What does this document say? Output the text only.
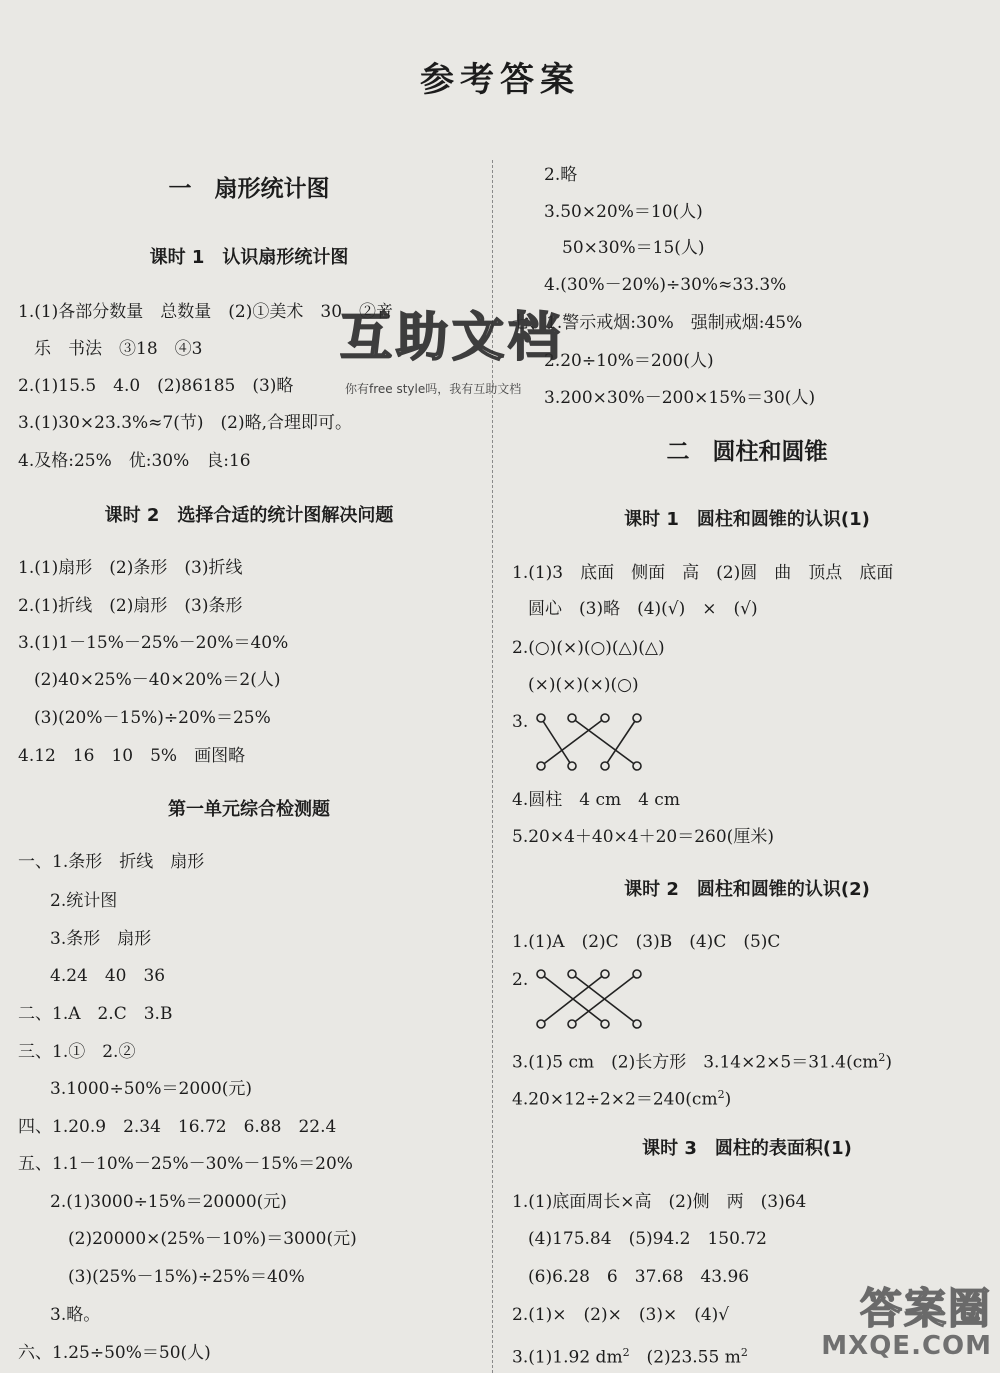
参考答案
一　扇形统计图
课时 1　认识扇形统计图
1.(1)各部分数量　总数量　(2)①美术　30　②音
乐　书法　③18　④3
2.(1)15.5　4.0　(2)86185　(3)略
3.(1)30×23.3%≈7(节)　(2)略,合理即可。
4.及格:25%　优:30%　良:16
课时 2　选择合适的统计图解决问题
1.(1)扇形　(2)条形　(3)折线
2.(1)折线　(2)扇形　(3)条形
3.(1)1－15%－25%－20%＝40%
(2)40×25%－40×20%＝2(人)
(3)(20%－15%)÷20%＝25%
4.12　16　10　5%　画图略
第一单元综合检测题
一、1.条形　折线　扇形
2.统计图
3.条形　扇形
4.24　40　36
二、1.A　2.C　3.B
三、1.①　2.②
3.1000÷50%＝2000(元)
四、1.20.9　2.34　16.72　6.88　22.4
五、1.1－10%－25%－30%－15%＝20%
2.(1)3000÷15%＝20000(元)
(2)20000×(25%－10%)＝3000(元)
(3)(25%－15%)÷25%＝40%
3.略。
六、1.25÷50%＝50(人)
2.略
3.50×20%＝10(人)
50×30%＝15(人)
4.(30%－20%)÷30%≈33.3%
七、1.警示戒烟:30%　强制戒烟:45%
2.20÷10%＝200(人)
3.200×30%－200×15%＝30(人)
二　圆柱和圆锥
课时 1　圆柱和圆锥的认识(1)
1.(1)3　底面　侧面　高　(2)圆　曲　顶点　底面
圆心　(3)略　(4)(√)　×　(√)
2.(○)(×)(○)(△)(△)
(×)(×)(×)(○)
3.
4.圆柱　4 cm　4 cm
5.20×4＋40×4＋20＝260(厘米)
课时 2　圆柱和圆锥的认识(2)
1.(1)A　(2)C　(3)B　(4)C　(5)C
2.
3.(1)5 cm　(2)长方形　$3.14\times 2\times 5=31.4(cm^2)$
$4.20\times 12\div 2\times 2=240(cm^2)$
课时 3　圆柱的表面积(1)
1.(1)底面周长×高　(2)侧　两　(3)64
(4)175.84　(5)94.2　150.72
(6)6.28　6　37.68　43.96
2.(1)×　(2)×　(3)×　(4)√
3.(1)1.92 $dm^2$　(2)23.55 $m^2$
互助文档
你有free style吗，我有互助文档
答案圈
MXQE.COM
